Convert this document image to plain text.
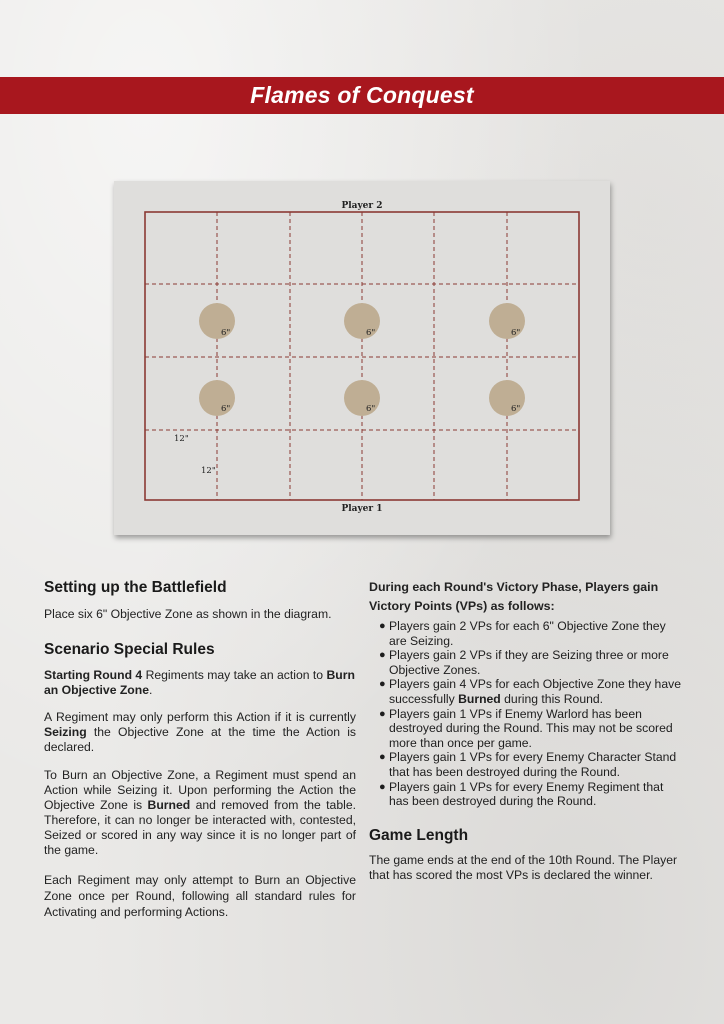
Flames of Conquest
6"	6"	6"
6"	6"	6"
Player 2
Player 1
12"
12"
Setting up the Battlefield

Place six 6" Objective Zone as shown in the diagram.

Scenario Special Rules

Starting Round 4 Regiments may take an action to Burn an Objective Zone.

A Regiment may only perform this Action if it is currently Seizing the Objective Zone at the time the Action is declared.

To Burn an Objective Zone, a Regiment must spend an Action while Seizing it. Upon performing the Action the Objective Zone is Burned and removed from the table. Therefore, it can no longer be interacted with, contested, Seized or scored in any way since it is no longer part of the game.

Each Regiment may only attempt to Burn an Objective Zone once per Round, following all standard rules for Activating and performing Actions.

During each Round's Victory Phase, Players gain Victory Points (VPs) as follows:

● Players gain 2 VPs for each 6" Objective Zone they are Seizing.
● Players gain 2 VPs if they are Seizing three or more Objective Zones.
● Players gain 4 VPs for each Objective Zone they have successfully Burned during this Round.
● Players gain 1 VPs if Enemy Warlord has been destroyed during the Round. This may not be scored more than once per game.
● Players gain 1 VPs for every Enemy Character Stand that has been destroyed during the Round.
● Players gain 1 VPs for every Enemy Regiment that has been destroyed during the Round.
Game Length

The game ends at the end of the 10th Round. The Player that has scored the most VPs is declared the winner.
